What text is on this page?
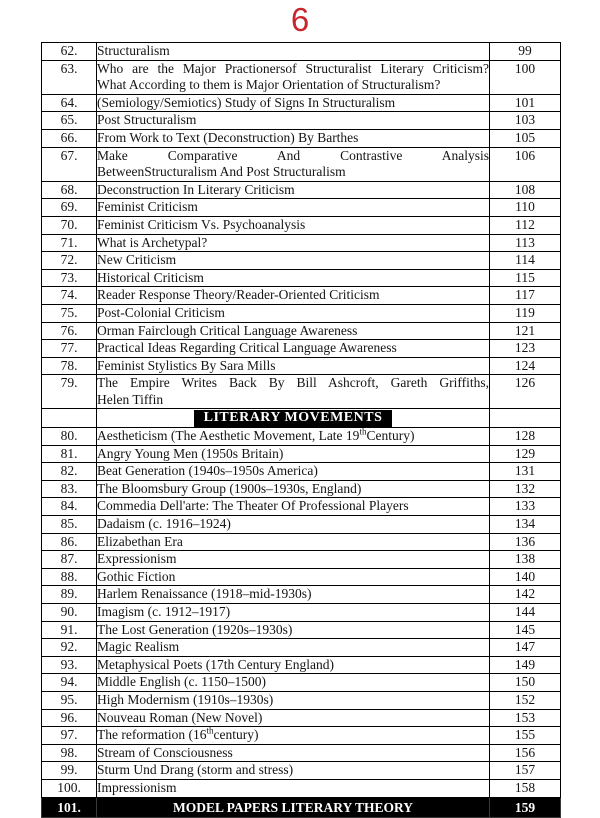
6
62.	Structuralism	99
63.	Who are the Major Practionersof Structuralist Literary Criticism?
What According to them is Major Orientation of Structuralism?	100
64.	(Semiology/Semiotics) Study of Signs In Structuralism	101
65.	Post Structuralism	103
66.	From Work to Text (Deconstruction) By Barthes	105
67.	Make Comparative And Contrastive Analysis
BetweenStructuralism And Post Structuralism	106
68.	Deconstruction In Literary Criticism	108
69.	Feminist Criticism	110
70.	Feminist Criticism Vs. Psychoanalysis	112
71.	What is Archetypal?	113
72.	New Criticism	114
73.	Historical Criticism	115
74.	Reader Response Theory/Reader-Oriented Criticism	117
75.	Post-Colonial Criticism	119
76.	Orman Fairclough Critical Language Awareness	121
77.	Practical Ideas Regarding Critical Language Awareness	123
78.	Feminist Stylistics By Sara Mills	124
79.	The Empire Writes Back By Bill Ashcroft, Gareth Griffiths,
Helen Tiffin	126
	LITERARY MOVEMENTS	
80.	Aestheticism (The Aesthetic Movement, Late 19thCentury)	128
81.	Angry Young Men (1950s Britain)	129
82.	Beat Generation (1940s–1950s America)	131
83.	The Bloomsbury Group (1900s–1930s, England)	132
84.	Commedia Dell'arte: The Theater Of Professional Players	133
85.	Dadaism (c. 1916–1924)	134
86.	Elizabethan Era	136
87.	Expressionism	138
88.	Gothic Fiction	140
89.	Harlem Renaissance (1918–mid-1930s)	142
90.	Imagism (c. 1912–1917)	144
91.	The Lost Generation (1920s–1930s)	145
92.	Magic Realism	147
93.	Metaphysical Poets (17th Century England)	149
94.	Middle English (c. 1150–1500)	150
95.	High Modernism (1910s–1930s)	152
96.	Nouveau Roman (New Novel)	153
97.	The reformation (16thcentury)	155
98.	Stream of Consciousness	156
99.	Sturm Und Drang (storm and stress)	157
100.	Impressionism	158
101.	MODEL PAPERS LITERARY THEORY	159
